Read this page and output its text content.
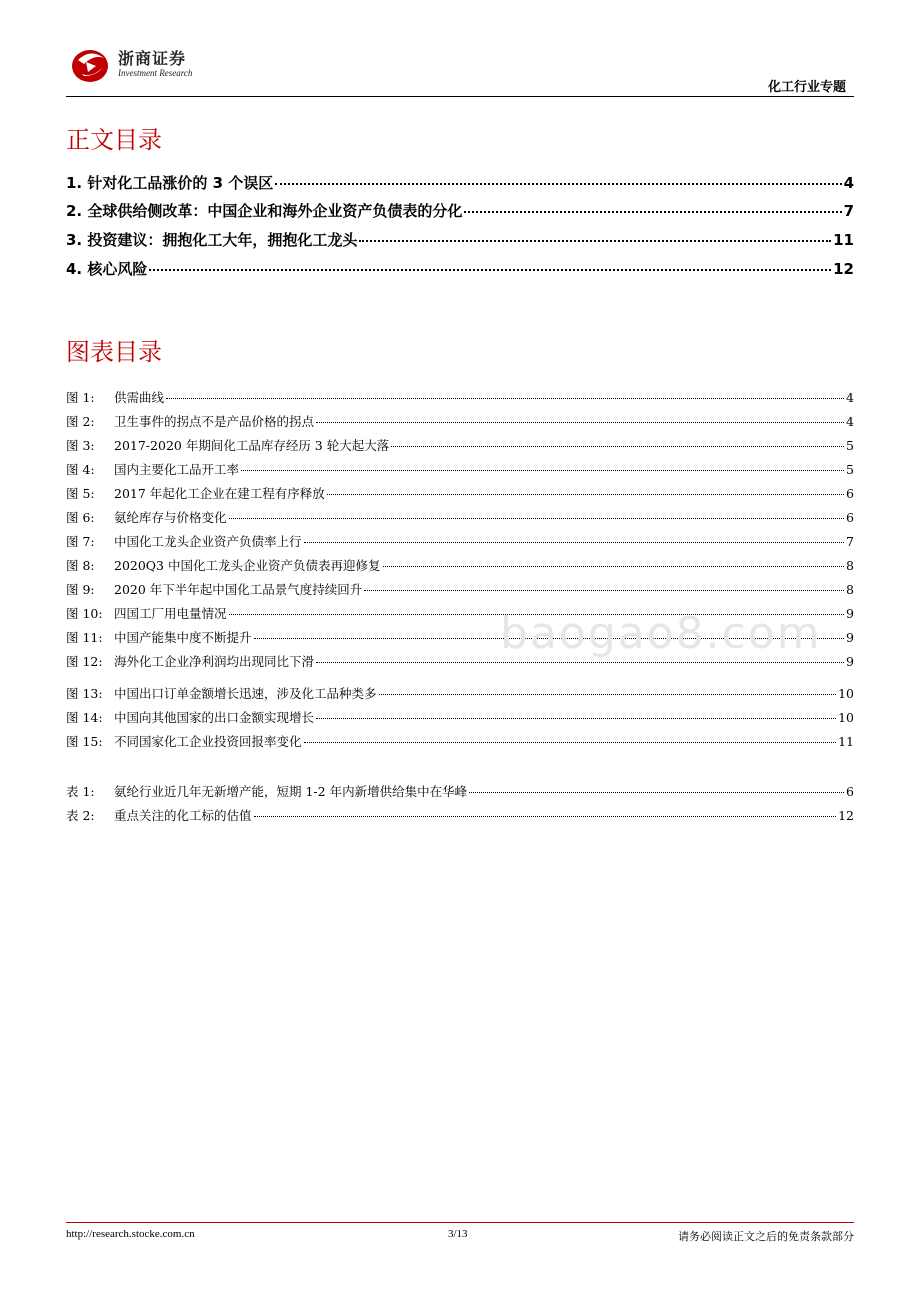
浙商证券
Investment Research
化工行业专题
正文目录
1. 针对化工品涨价的 3 个误区	4
2. 全球供给侧改革：中国企业和海外企业资产负债表的分化	7
3. 投资建议：拥抱化工大年，拥抱化工龙头	11
4. 核心风险	12
图表目录
图 1: 供需曲线	4
图 2: 卫生事件的拐点不是产品价格的拐点	4
图 3: 2017-2020 年期间化工品库存经历 3 轮大起大落	5
图 4: 国内主要化工品开工率	5
图 5: 2017 年起化工企业在建工程有序释放	6
图 6: 氨纶库存与价格变化	6
图 7: 中国化工龙头企业资产负债率上行	7
图 8: 2020Q3 中国化工龙头企业资产负债表再迎修复	8
图 9: 2020 年下半年起中国化工品景气度持续回升	8
图 10: 四国工厂用电量情况	9
图 11: 中国产能集中度不断提升	9
图 12: 海外化工企业净利润均出现同比下滑	9
图 13: 中国出口订单金额增长迅速，涉及化工品种类多	10
图 14: 中国向其他国家的出口金额实现增长	10
图 15: 不同国家化工企业投资回报率变化	11
表 1: 氨纶行业近几年无新增产能，短期 1-2 年内新增供给集中在华峰	6
表 2: 重点关注的化工标的估值	12
baogao8.com
http://research.stocke.com.cn	3/13	请务必阅读正文之后的免责条款部分
